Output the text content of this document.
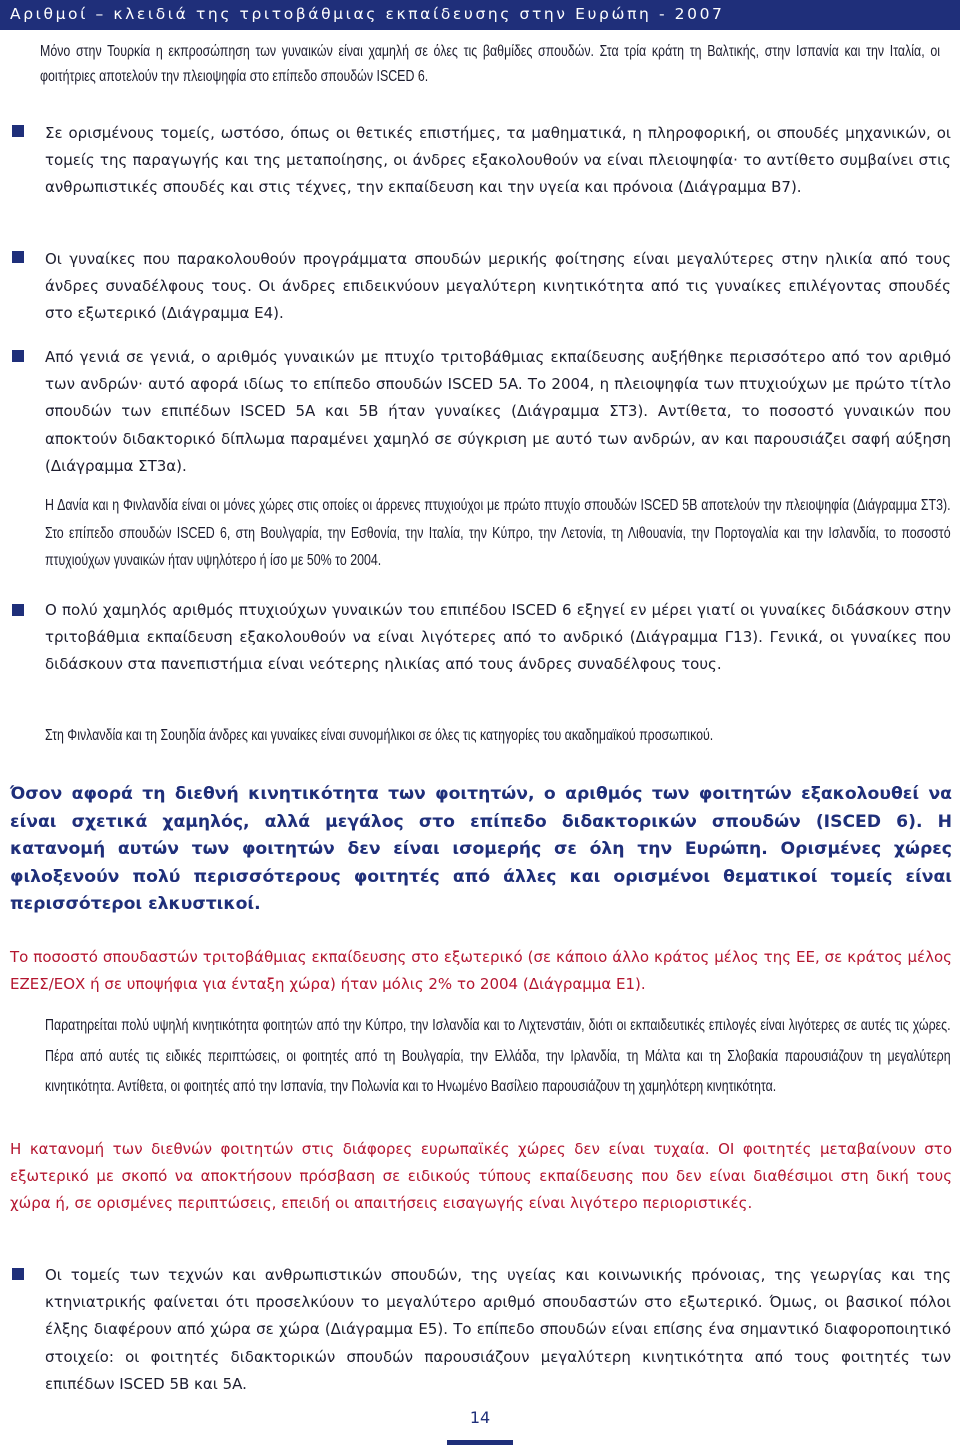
Αριθμοί – κλειδιά της τριτοβάθμιας εκπαίδευσης στην Ευρώπη - 2007
Μόνο στην Τουρκία η εκπροσώπηση των γυναικών είναι χαμηλή σε όλες τις βαθμίδες σπουδών. Στα τρία κράτη τη Βαλτικής, στην Ισπανία και την Ιταλία, οι φοιτήτριες αποτελούν την πλειοψηφία στο επίπεδο σπουδών ISCED 6.
Σε ορισμένους τομείς, ωστόσο, όπως οι θετικές επιστήμες, τα μαθηματικά, η πληροφορική, οι σπουδές μηχανικών, οι τομείς της παραγωγής και της μεταποίησης, οι άνδρες εξακολουθούν να είναι πλειοψηφία· το αντίθετο συμβαίνει στις ανθρωπιστικές σπουδές και στις τέχνες, την εκπαίδευση και την υγεία και πρόνοια (Διάγραμμα Β7).
Οι γυναίκες που παρακολουθούν προγράμματα σπουδών μερικής φοίτησης είναι μεγαλύτερες στην ηλικία από τους άνδρες συναδέλφους τους. Οι άνδρες επιδεικνύουν μεγαλύτερη κινητικότητα από τις γυναίκες επιλέγοντας σπουδές στο εξωτερικό (Διάγραμμα Ε4).
Από γενιά σε γενιά, ο αριθμός γυναικών με πτυχίο τριτοβάθμιας εκπαίδευσης αυξήθηκε περισσότερο από τον αριθμό των ανδρών· αυτό αφορά ιδίως το επίπεδο σπουδών ISCED 5A. Το 2004, η πλειοψηφία των πτυχιούχων με πρώτο τίτλο σπουδών των επιπέδων ISCED 5A και 5B ήταν γυναίκες (Διάγραμμα ΣΤ3). Αντίθετα, το ποσοστό γυναικών που αποκτούν διδακτορικό δίπλωμα παραμένει χαμηλό σε σύγκριση με αυτό των ανδρών, αν και παρουσιάζει σαφή αύξηση (Διάγραμμα ΣΤ3α).
Η Δανία και η Φινλανδία είναι οι μόνες χώρες στις οποίες οι άρρενες πτυχιούχοι με πρώτο πτυχίο σπουδών ISCED 5B αποτελούν την πλειοψηφία (Διάγραμμα ΣΤ3). Στο επίπεδο σπουδών ISCED 6, στη Βουλγαρία, την Εσθονία, την Ιταλία, την Κύπρο, την Λετονία, τη Λιθουανία, την Πορτογαλία και την Ισλανδία, το ποσοστό πτυχιούχων γυναικών ήταν υψηλότερο ή ίσο με 50% το 2004.
Ο πολύ χαμηλός αριθμός πτυχιούχων γυναικών του επιπέδου ISCED 6 εξηγεί εν μέρει γιατί οι γυναίκες διδάσκουν στην τριτοβάθμια εκπαίδευση εξακολουθούν να είναι λιγότερες από το ανδρικό (Διάγραμμα Γ13). Γενικά, οι γυναίκες που διδάσκουν στα πανεπιστήμια είναι νεότερης ηλικίας από τους άνδρες συναδέλφους τους.
Στη Φινλανδία και τη Σουηδία άνδρες και γυναίκες είναι συνομήλικοι σε όλες τις κατηγορίες του ακαδημαϊκού προσωπικού.
Όσον αφορά τη διεθνή κινητικότητα των φοιτητών, ο αριθμός των φοιτητών εξακολουθεί να είναι σχετικά χαμηλός, αλλά μεγάλος στο επίπεδο διδακτορικών σπουδών (ISCED 6). Η κατανομή αυτών των φοιτητών δεν είναι ισομερής σε όλη την Ευρώπη. Ορισμένες χώρες φιλοξενούν πολύ περισσότερους φοιτητές από άλλες και ορισμένοι θεματικοί τομείς είναι περισσότεροι ελκυστικοί.
Το ποσοστό σπουδαστών τριτοβάθμιας εκπαίδευσης στο εξωτερικό (σε κάποιο άλλο κράτος μέλος της ΕΕ, σε κράτος μέλος ΕΖΕΣ/ΕΟΧ ή σε υποψήφια για ένταξη χώρα) ήταν μόλις 2% το 2004 (Διάγραμμα Ε1).
Παρατηρείται πολύ υψηλή κινητικότητα φοιτητών από την Κύπρο, την Ισλανδία και το Λιχτενστάιν, διότι οι εκπαιδευτικές επιλογές είναι λιγότερες σε αυτές τις χώρες. Πέρα από αυτές τις ειδικές περιπτώσεις, οι φοιτητές από τη Βουλγαρία, την Ελλάδα, την Ιρλανδία, τη Μάλτα και τη Σλοβακία παρουσιάζουν τη μεγαλύτερη κινητικότητα. Αντίθετα, οι φοιτητές από την Ισπανία, την Πολωνία και το Ηνωμένο Βασίλειο παρουσιάζουν τη χαμηλότερη κινητικότητα.
Η κατανομή των διεθνών φοιτητών στις διάφορες ευρωπαϊκές χώρες δεν είναι τυχαία. ΟΙ φοιτητές μεταβαίνουν στο εξωτερικό με σκοπό να αποκτήσουν πρόσβαση σε ειδικούς τύπους εκπαίδευσης που δεν είναι διαθέσιμοι στη δική τους χώρα ή, σε ορισμένες περιπτώσεις, επειδή οι απαιτήσεις εισαγωγής είναι λιγότερο περιοριστικές.
Οι τομείς των τεχνών και ανθρωπιστικών σπουδών, της υγείας και κοινωνικής πρόνοιας, της γεωργίας και της κτηνιατρικής φαίνεται ότι προσελκύουν το μεγαλύτερο αριθμό σπουδαστών στο εξωτερικό. Όμως, οι βασικοί πόλοι έλξης διαφέρουν από χώρα σε χώρα (Διάγραμμα Ε5). Το επίπεδο σπουδών είναι επίσης ένα σημαντικό διαφοροποιητικό στοιχείο: οι φοιτητές διδακτορικών σπουδών παρουσιάζουν μεγαλύτερη κινητικότητα από τους φοιτητές των επιπέδων ISCED 5B και 5A.
14
